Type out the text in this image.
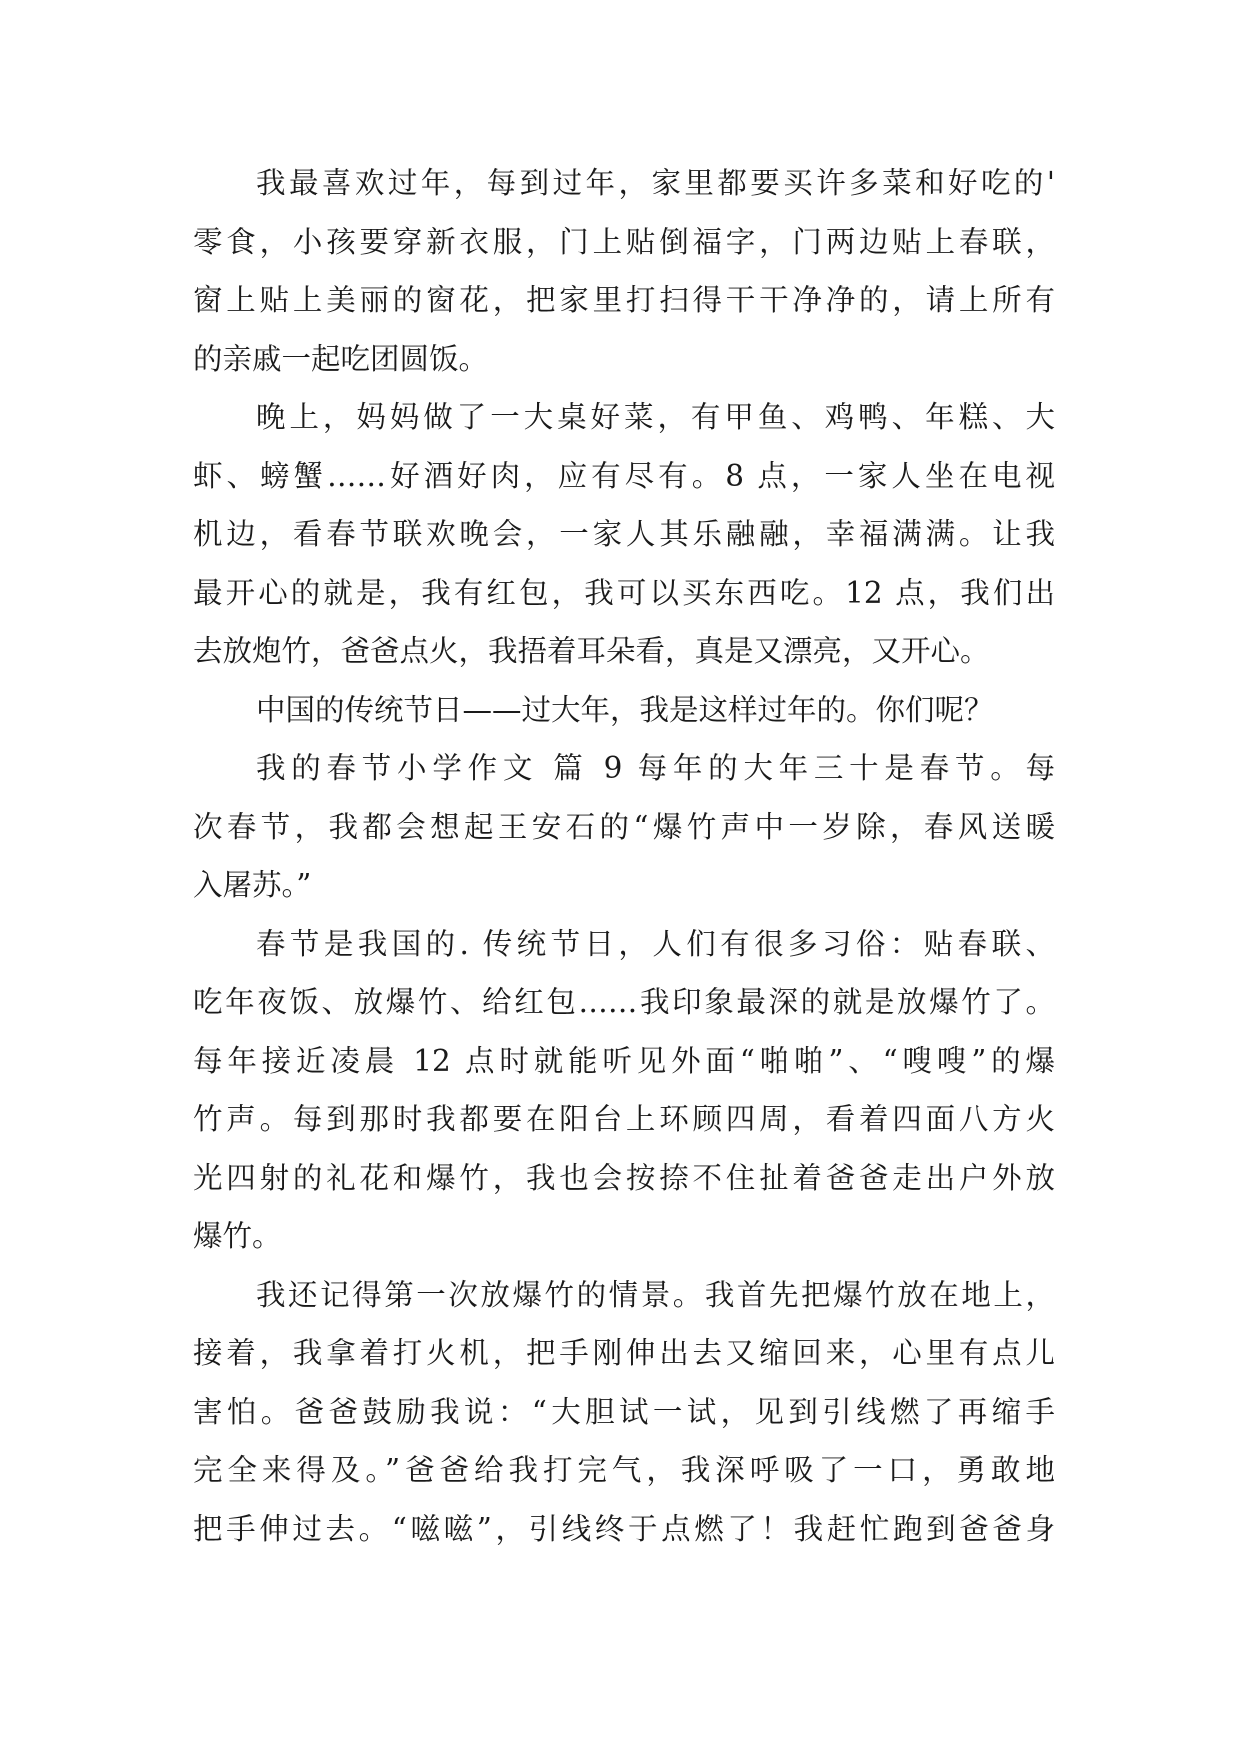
我最喜欢过年，每到过年，家里都要买许多菜和好吃的'
零食，小孩要穿新衣服，门上贴倒福字，门两边贴上春联，
窗上贴上美丽的窗花，把家里打扫得干干净净的，请上所有
的亲戚一起吃团圆饭。
晚上，妈妈做了一大桌好菜，有甲鱼、鸡鸭、年糕、大
虾、螃蟹……好酒好肉，应有尽有。8 点，一家人坐在电视
机边，看春节联欢晚会，一家人其乐融融，幸福满满。让我
最开心的就是，我有红包，我可以买东西吃。12 点，我们出
去放炮竹，爸爸点火，我捂着耳朵看，真是又漂亮，又开心。
中国的传统节日——过大年，我是这样过年的。你们呢？
我的春节小学作文 篇 9 每年的大年三十是春节。每
次春节，我都会想起王安石的“爆竹声中一岁除，春风送暖
入屠苏。”
春节是我国的. 传统节日，人们有很多习俗：贴春联、
吃年夜饭、放爆竹、给红包……我印象最深的就是放爆竹了。
每年接近凌晨 12 点时就能听见外面“啪啪”、“嗖嗖”的爆
竹声。每到那时我都要在阳台上环顾四周，看着四面八方火
光四射的礼花和爆竹，我也会按捺不住扯着爸爸走出户外放
爆竹。
我还记得第一次放爆竹的情景。我首先把爆竹放在地上，
接着，我拿着打火机，把手刚伸出去又缩回来，心里有点儿
害怕。爸爸鼓励我说：“大胆试一试，见到引线燃了再缩手
完全来得及。”爸爸给我打完气，我深呼吸了一口，勇敢地
把手伸过去。“嗞嗞”，引线终于点燃了！我赶忙跑到爸爸身
